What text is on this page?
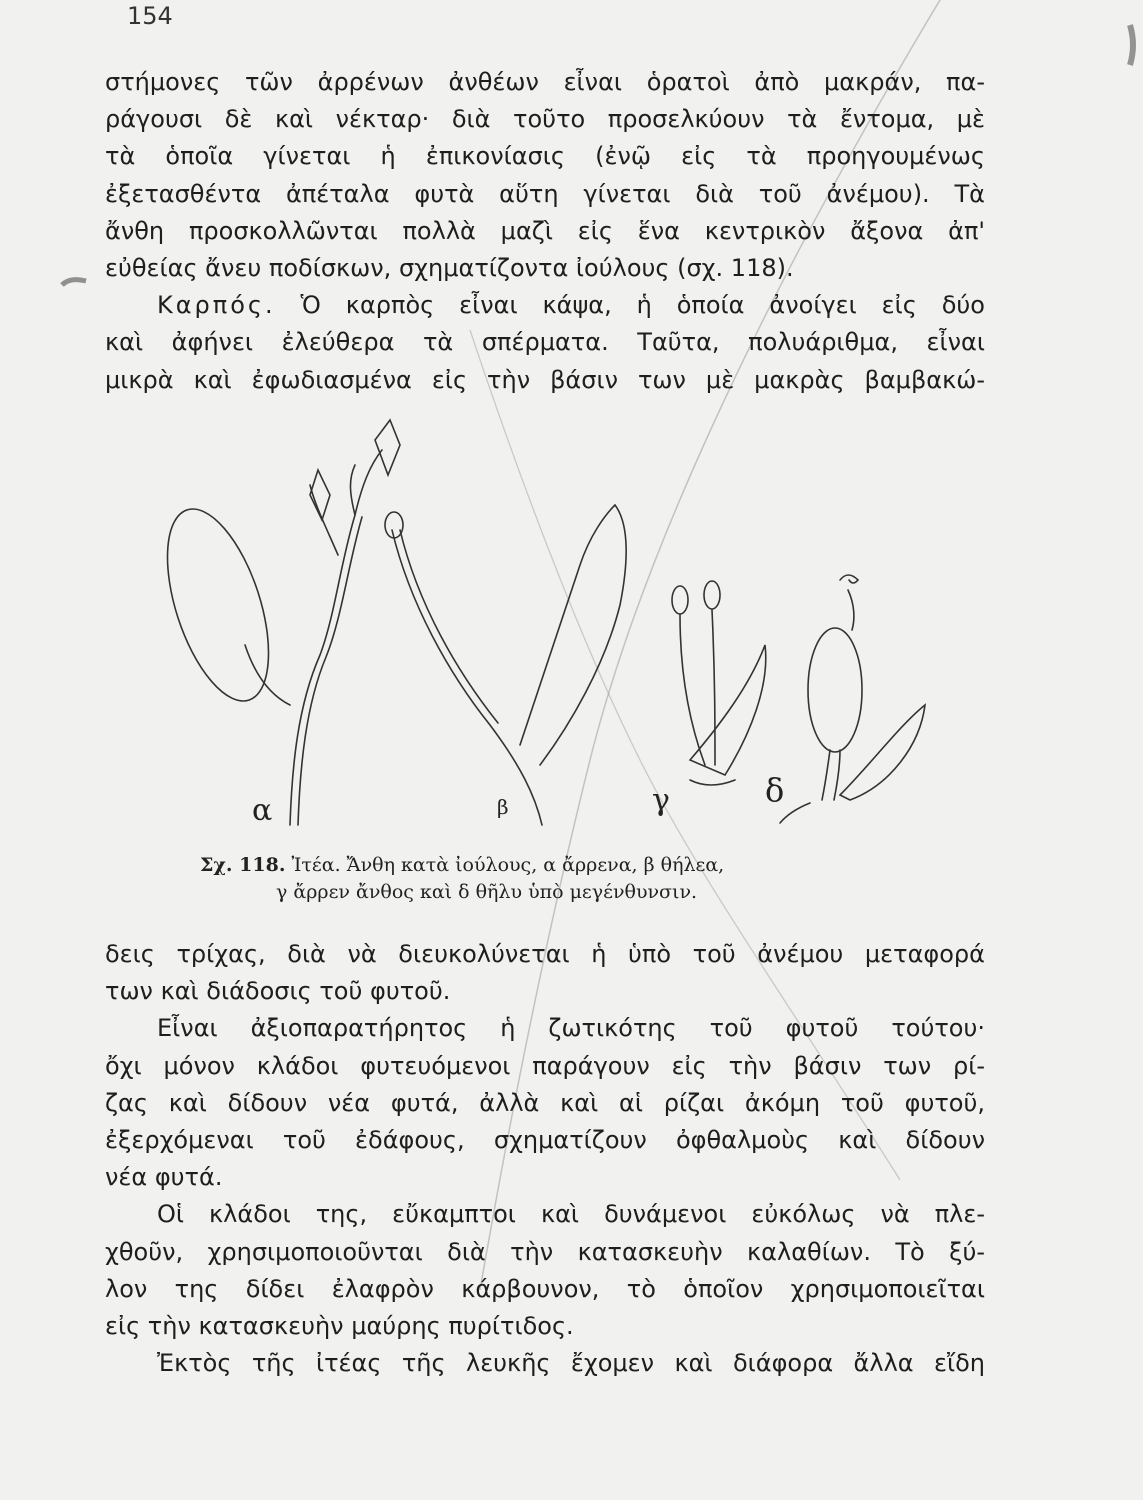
154
στήμονες τῶν ἀρρένων ἀνθέων εἶναι ὁρατοὶ ἀπὸ μακράν, πα-
ράγουσι δὲ καὶ νέκταρ· διὰ τοῦτο προσελκύουν τὰ ἔντομα, μὲ
τὰ ὁποῖα γίνεται ἡ ἐπικονίασις (ἐνῷ εἰς τὰ προηγουμένως
ἐξετασθέντα ἀπέταλα φυτὰ αὕτη γίνεται διὰ τοῦ ἀνέμου). Τὰ
ἄνθη προσκολλῶνται πολλὰ μαζὶ εἰς ἕνα κεντρικὸν ἄξονα ἀπ'
εὐθείας ἄνευ ποδίσκων, σχηματίζοντα ἰούλους (σχ. 118).
Καρπός. Ὁ καρπὸς εἶναι κάψα, ἡ ὁποία ἀνοίγει εἰς δύο
καὶ ἀφήνει ἐλεύθερα τὰ σπέρματα. Ταῦτα, πολυάριθμα, εἶναι
μικρὰ καὶ ἐφωδιασμένα εἰς τὴν βάσιν των μὲ μακρὰς βαμβακώ-
α	β	γ	δ
Σχ. 118. Ἰτέα. Ἄνθη κατὰ ἰούλους, α ἄρρενα, β θήλεα,
γ ἄρρεν ἄνθος καὶ δ θῆλυ ὑπὸ μεγένθυνσιν.
δεις τρίχας, διὰ νὰ διευκολύνεται ἡ ὑπὸ τοῦ ἀνέμου μεταφορά
των καὶ διάδοσις τοῦ φυτοῦ.
Εἶναι ἀξιοπαρατήρητος ἡ ζωτικότης τοῦ φυτοῦ τούτου·
ὄχι μόνον κλάδοι φυτευόμενοι παράγουν εἰς τὴν βάσιν των ρί-
ζας καὶ δίδουν νέα φυτά, ἀλλὰ καὶ αἱ ρίζαι ἀκόμη τοῦ φυτοῦ,
ἐξερχόμεναι τοῦ ἐδάφους, σχηματίζουν ὀφθαλμοὺς καὶ δίδουν
νέα φυτά.
Οἱ κλάδοι της, εὔκαμπτοι καὶ δυνάμενοι εὐκόλως νὰ πλε-
χθοῦν, χρησιμοποιοῦνται διὰ τὴν κατασκευὴν καλαθίων. Τὸ ξύ-
λον της δίδει ἐλαφρὸν κάρβουνον, τὸ ὁποῖον χρησιμοποιεῖται
εἰς τὴν κατασκευὴν μαύρης πυρίτιδος.
Ἐκτὸς τῆς ἰτέας τῆς λευκῆς ἔχομεν καὶ διάφορα ἄλλα εἴδη
